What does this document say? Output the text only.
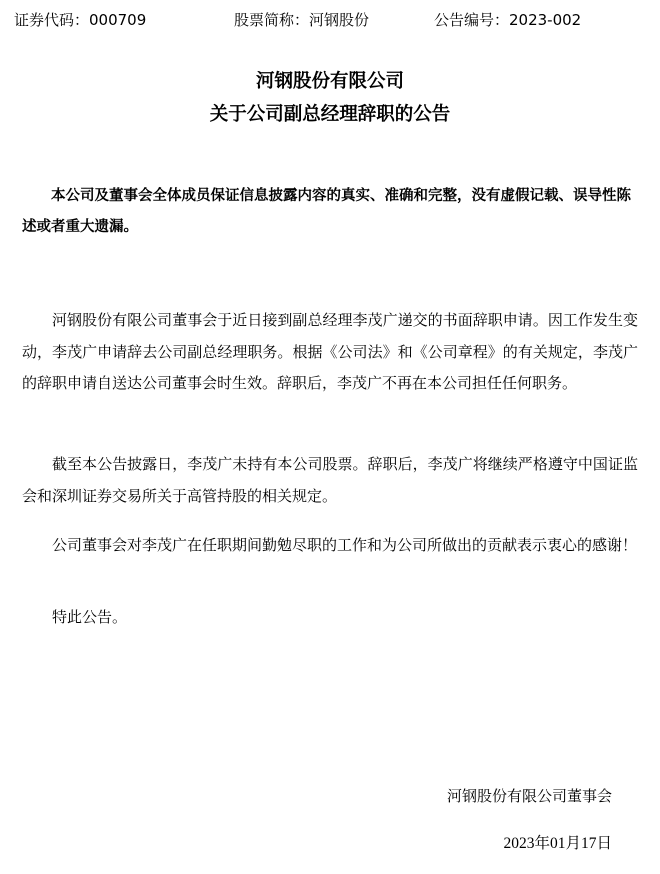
证券代码：000709	股票简称：河钢股份	公告编号：2023-002
河钢股份有限公司
关于公司副总经理辞职的公告

本公司及董事会全体成员保证信息披露内容的真实、准确和完整，没有虚假记载、误导性陈述或者重大遗漏。

河钢股份有限公司董事会于近日接到副总经理李茂广递交的书面辞职申请。因工作发生变动，李茂广申请辞去公司副总经理职务。根据《公司法》和《公司章程》的有关规定，李茂广的辞职申请自送达公司董事会时生效。辞职后，李茂广不再在本公司担任任何职务。

截至本公告披露日，李茂广未持有本公司股票。辞职后，李茂广将继续严格遵守中国证监会和深圳证券交易所关于高管持股的相关规定。

公司董事会对李茂广在任职期间勤勉尽职的工作和为公司所做出的贡献表示衷心的感谢！

特此公告。

河钢股份有限公司董事会
2023年01月17日
